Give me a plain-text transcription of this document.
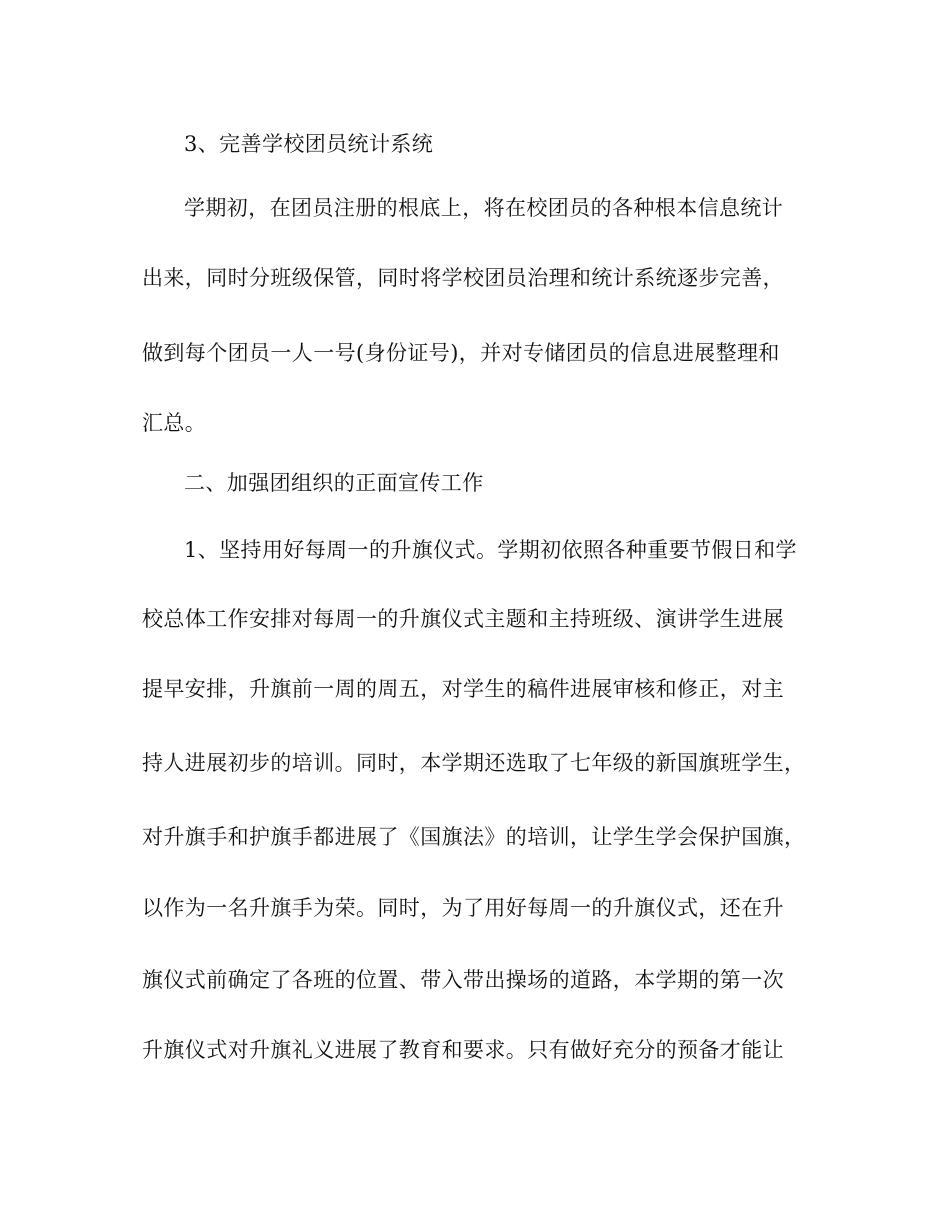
3、完善学校团员统计系统
学期初，在团员注册的根底上，将在校团员的各种根本信息统计
出来，同时分班级保管，同时将学校团员治理和统计系统逐步完善，
做到每个团员一人一号(身份证号)，并对专储团员的信息进展整理和
汇总。
二、加强团组织的正面宣传工作
1、坚持用好每周一的升旗仪式。学期初依照各种重要节假日和学
校总体工作安排对每周一的升旗仪式主题和主持班级、演讲学生进展
提早安排，升旗前一周的周五，对学生的稿件进展审核和修正，对主
持人进展初步的培训。同时，本学期还选取了七年级的新国旗班学生，
对升旗手和护旗手都进展了《国旗法》的培训，让学生学会保护国旗，
以作为一名升旗手为荣。同时，为了用好每周一的升旗仪式，还在升
旗仪式前确定了各班的位置、带入带出操场的道路，本学期的第一次
升旗仪式对升旗礼义进展了教育和要求。只有做好充分的预备才能让
